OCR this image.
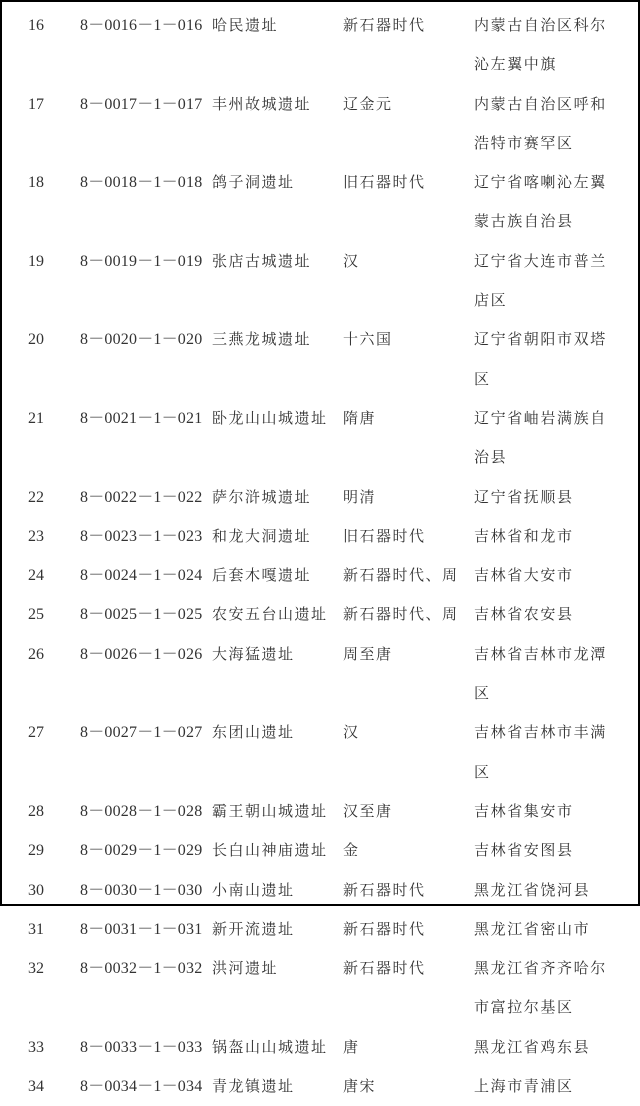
16	8－0016－1－016 哈民遗址	新石器时代	内蒙古自治区科尔沁左翼中旗
17	8－0017－1－017 丰州故城遗址	辽金元	内蒙古自治区呼和浩特市赛罕区
18	8－0018－1－018 鸽子洞遗址	旧石器时代	辽宁省喀喇沁左翼蒙古族自治县
19	8－0019－1－019 张店古城遗址	汉	辽宁省大连市普兰店区
20	8－0020－1－020 三燕龙城遗址	十六国	辽宁省朝阳市双塔区
21	8－0021－1－021 卧龙山山城遗址	隋唐	辽宁省岫岩满族自治县
22	8－0022－1－022 萨尔浒城遗址	明清	辽宁省抚顺县
23	8－0023－1－023 和龙大洞遗址	旧石器时代	吉林省和龙市
24	8－0024－1－024 后套木嘎遗址	新石器时代、周	吉林省大安市
25	8－0025－1－025 农安五台山遗址	新石器时代、周	吉林省农安县
26	8－0026－1－026 大海猛遗址	周至唐	吉林省吉林市龙潭区
27	8－0027－1－027 东团山遗址	汉	吉林省吉林市丰满区
28	8－0028－1－028 霸王朝山城遗址	汉至唐	吉林省集安市
29	8－0029－1－029 长白山神庙遗址	金	吉林省安图县
30	8－0030－1－030 小南山遗址	新石器时代	黑龙江省饶河县
31	8－0031－1－031 新开流遗址	新石器时代	黑龙江省密山市
32	8－0032－1－032 洪河遗址	新石器时代	黑龙江省齐齐哈尔市富拉尔基区
33	8－0033－1－033 锅盔山山城遗址	唐	黑龙江省鸡东县
34	8－0034－1－034 青龙镇遗址	唐宋	上海市青浦区
